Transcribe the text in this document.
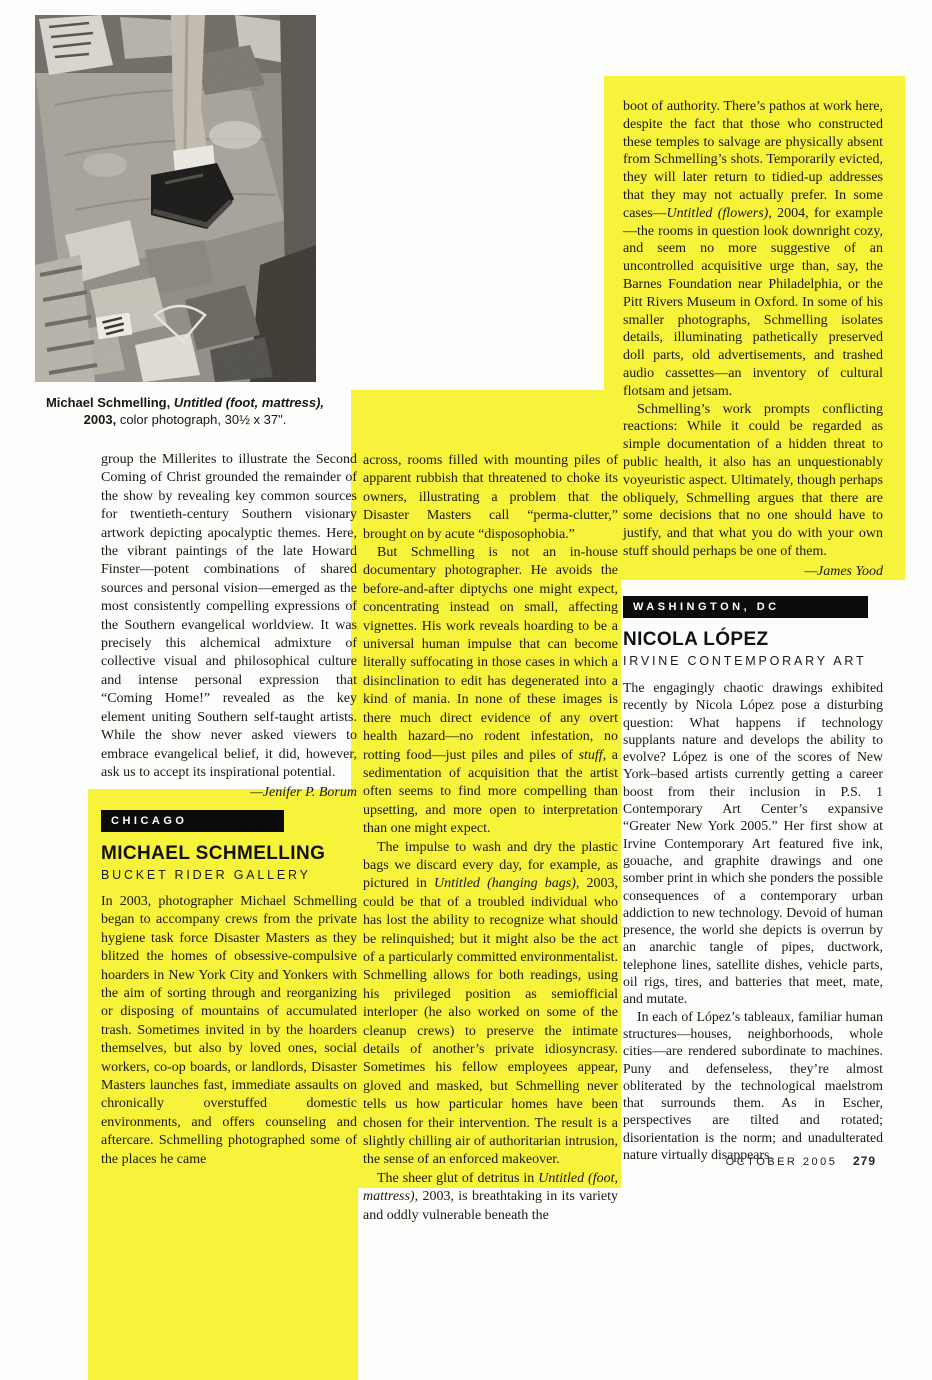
Michael Schmelling, Untitled (foot, mattress),
2003, color photograph, 30½ x 37".

group the Millerites to illustrate the Second Coming of Christ grounded the remainder of the show by revealing key common sources for twentieth-century Southern visionary artwork depicting apocalyptic themes. Here, the vibrant paintings of the late Howard Finster—potent combinations of shared sources and personal vision—emerged as the most consistently compelling expressions of the Southern evangelical worldview. It was precisely this alchemical admixture of collective visual and philosophical culture and intense personal expression that “Coming Home!” revealed as the key element uniting Southern self-taught artists. While the show never asked viewers to embrace evangelical belief, it did, however, ask us to accept its inspirational potential.

—Jenifer P. Borum
CHICAGO
MICHAEL SCHMELLING
BUCKET RIDER GALLERY

In 2003, photographer Michael Schmelling began to accompany crews from the private hygiene task force Disaster Masters as they blitzed the homes of obsessive-compulsive hoarders in New York City and Yonkers with the aim of sorting through and reorganizing or disposing of mountains of accumulated trash. Sometimes invited in by the hoarders themselves, but also by loved ones, social workers, co-op boards, or landlords, Disaster Masters launches fast, immediate assaults on chronically overstuffed domestic environments, and offers counseling and aftercare. Schmelling photographed some of the places he came

across, rooms filled with mounting piles of apparent rubbish that threatened to choke its owners, illustrating a problem that the Disaster Masters call “perma-clutter,” brought on by acute “disposophobia.”

But Schmelling is not an in-house documentary photographer. He avoids the before-and-after diptychs one might expect, concentrating instead on small, affecting vignettes. His work reveals hoarding to be a universal human impulse that can become literally suffocating in those cases in which a disinclination to edit has degenerated into a kind of mania. In none of these images is there much direct evidence of any overt health hazard—no rodent infestation, no rotting food—just piles and piles of stuff, a sedimentation of acquisition that the artist often seems to find more compelling than upsetting, and more open to interpretation than one might expect.

The impulse to wash and dry the plastic bags we discard every day, for example, as pictured in Untitled (hanging bags), 2003, could be that of a troubled individual who has lost the ability to recognize what should be relinquished; but it might also be the act of a particularly committed environmentalist. Schmelling allows for both readings, using his privileged position as semiofficial interloper (he also worked on some of the cleanup crews) to preserve the intimate details of another’s private idiosyncrasy. Sometimes his fellow employees appear, gloved and masked, but Schmelling never tells us how particular homes have been chosen for their intervention. The result is a slightly chilling air of authoritarian intrusion, the sense of an enforced makeover.

The sheer glut of detritus in Untitled (foot, mattress), 2003, is breathtaking in its variety and oddly vulnerable beneath the

boot of authority. There’s pathos at work here, despite the fact that those who constructed these temples to salvage are physically absent from Schmelling’s shots. Temporarily evicted, they will later return to tidied-up addresses that they may not actually prefer. In some cases—Untitled (flowers), 2004, for example—the rooms in question look downright cozy, and seem no more suggestive of an uncontrolled acquisitive urge than, say, the Barnes Foundation near Philadelphia, or the Pitt Rivers Museum in Oxford. In some of his smaller photographs, Schmelling isolates details, illuminating pathetically preserved doll parts, old advertisements, and trashed audio cassettes—an inventory of cultural flotsam and jetsam.

Schmelling’s work prompts conflicting reactions: While it could be regarded as simple documentation of a hidden threat to public health, it also has an unquestionably voyeuristic aspect. Ultimately, though perhaps obliquely, Schmelling argues that there are some decisions that no one should have to justify, and that what you do with your own stuff should perhaps be one of them.

—James Yood
WASHINGTON, DC
NICOLA LÓPEZ
IRVINE CONTEMPORARY ART

The engagingly chaotic drawings exhibited recently by Nicola López pose a disturbing question: What happens if technology supplants nature and develops the ability to evolve? López is one of the scores of New York–based artists currently getting a career boost from their inclusion in P.S. 1 Contemporary Art Center’s expansive “Greater New York 2005.” Her first show at Irvine Contemporary Art featured five ink, gouache, and graphite drawings and one somber print in which she ponders the possible consequences of a contemporary urban addiction to new technology. Devoid of human presence, the world she depicts is overrun by an anarchic tangle of pipes, ductwork, telephone lines, satellite dishes, vehicle parts, oil rigs, tires, and batteries that meet, mate, and mutate.

In each of López’s tableaux, familiar human structures—houses, neighborhoods, whole cities—are rendered subordinate to machines. Puny and defenseless, they’re almost obliterated by the technological maelstrom that surrounds them. As in Escher, perspectives are tilted and rotated; disorientation is the norm; and unadulterated nature virtually disappears.

OCTOBER 2005 279
